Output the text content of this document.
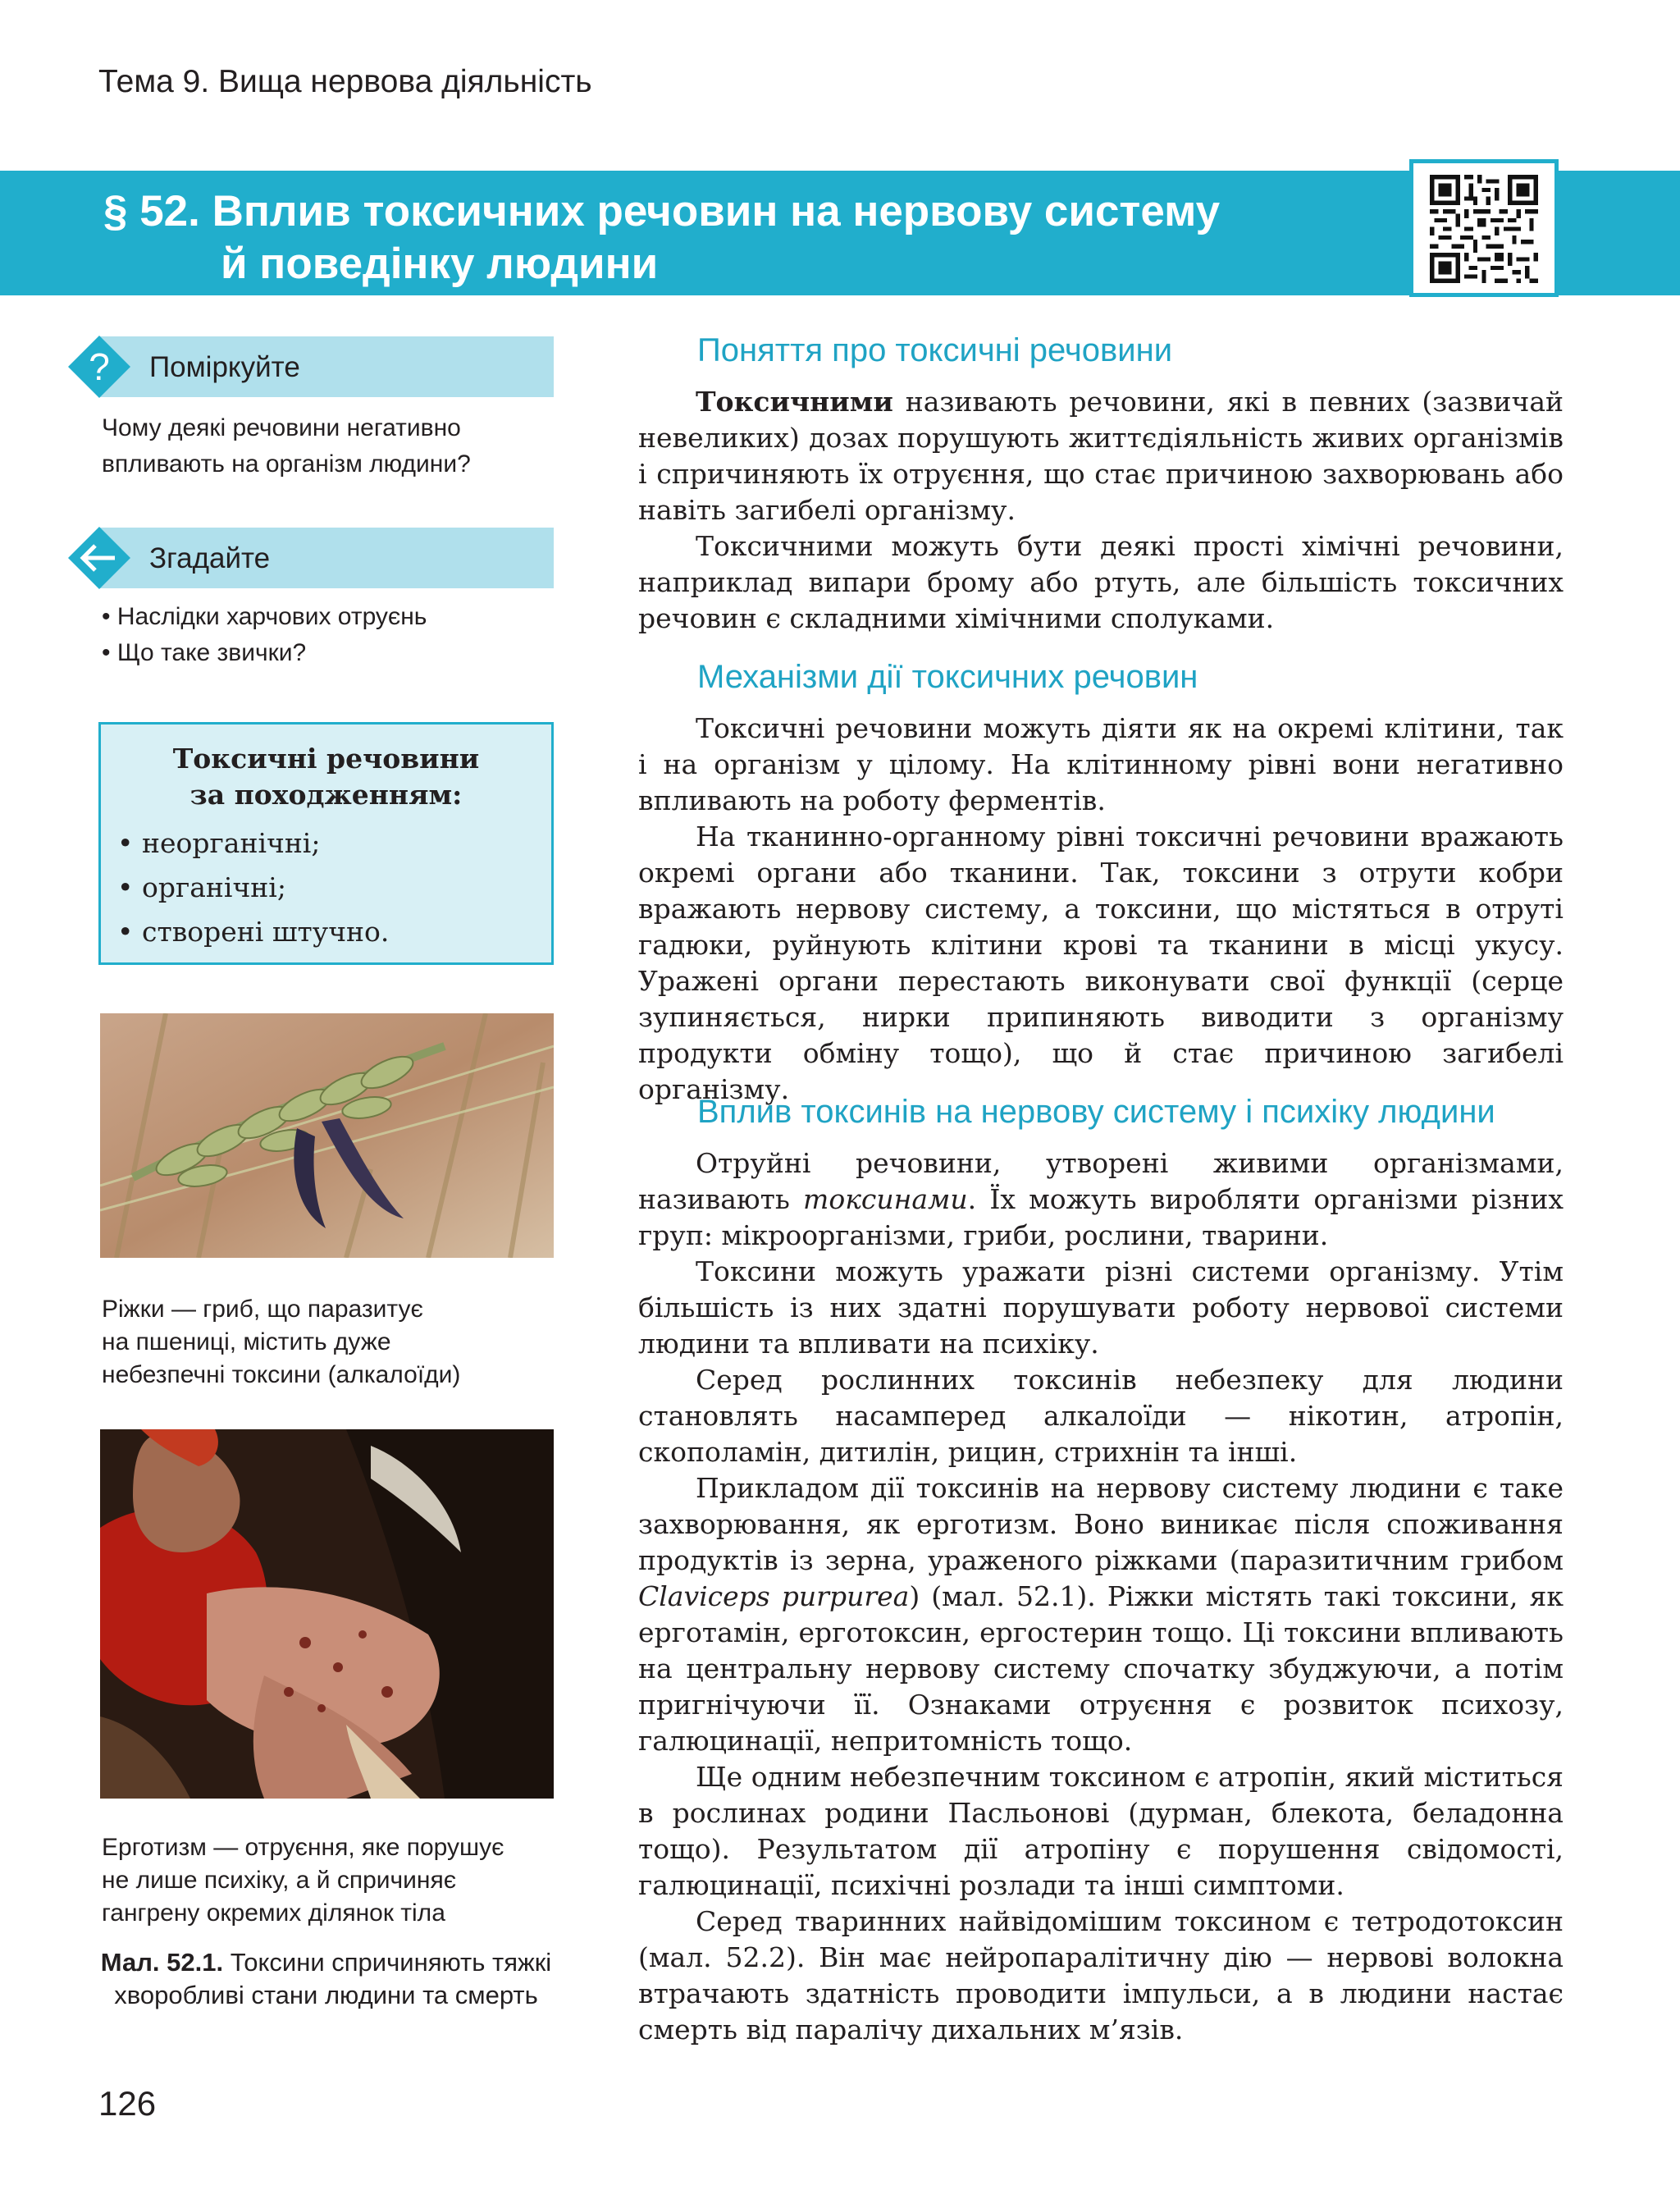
Тема 9. Вища нервова діяльність
§ 52. Вплив токсичних речовин на нервову систему
й поведінку людини
? Поміркуйте

Чому деякі речовини негативно
впливають на організм людини?

Згадайте

• Наслідки харчових отруєнь
• Що таке звички?

Токсичні речовини
за походженням:
• неорганічні;
• органічні;
• створені штучно.

Ріжки — гриб, що паразитує
на пшениці, містить дуже
небезпечні токсини (алкалоїди)

Ерготизм — отруєння, яке порушує
не лише психіку, а й спричиняє
гангрену окремих ділянок тіла

Мал. 52.1. Токсини спричиняють тяжкі хворобливі стани людини та смерть

126
Поняття про токсичні речовини

Токсичними називають речовини, які в певних (зазвичай невеликих) дозах порушують життєдіяльність живих організмів і спричиняють їх отруєння, що стає причиною захворювань або навіть загибелі організму.

Токсичними можуть бути деякі прості хімічні речовини, наприклад випари брому або ртуть, але більшість токсичних речовин є складними хімічними сполуками.

Механізми дії токсичних речовин

Токсичні речовини можуть діяти як на окремі клітини, так і на організм у цілому. На клітинному рівні вони негативно впливають на роботу ферментів.

На тканинно-органному рівні токсичні речовини вражають окремі органи або тканини. Так, токсини з отрути кобри вражають нервову систему, а токсини, що містяться в отруті гадюки, руйнують клітини крові та тканини в місці укусу. Уражені органи перестають виконувати свої функції (серце зупиняється, нирки припиняють виводити з організму продукти обміну тощо), що й стає причиною загибелі організму.

Вплив токсинів на нервову систему і психіку людини

Отруйні речовини, утворені живими організмами, називають токсинами. Їх можуть виробляти організми різних груп: мікроорганізми, гриби, рослини, тварини.

Токсини можуть уражати різні системи організму. Утім більшість із них здатні порушувати роботу нервової системи людини та впливати на психіку.

Серед рослинних токсинів небезпеку для людини становлять насамперед алкалоїди — нікотин, атропін, скополамін, дитилін, рицин, стрихнін та інші.

Прикладом дії токсинів на нервову систему людини є таке захворювання, як ерготизм. Воно виникає після споживання продуктів із зерна, ураженого ріжками (паразитичним грибом Claviceps purpurea) (мал. 52.1). Ріжки містять такі токсини, як ерготамін, ерготоксин, ергостерин тощо. Ці токсини впливають на центральну нервову систему спочатку збуджуючи, а потім пригнічуючи її. Ознаками отруєння є розвиток психозу, галюцинації, непритомність тощо.

Ще одним небезпечним токсином є атропін, який міститься в рослинах родини Пасльонові (дурман, блекота, беладонна тощо). Результатом дії атропіну є порушення свідомості, галюцинації, психічні розлади та інші симптоми.

Серед тваринних найвідомішим токсином є тетродотоксин (мал. 52.2). Він має нейропаралітичну дію — нервові волокна втрачають здатність проводити імпульси, а в людини настає смерть від паралічу дихальних м’язів.
